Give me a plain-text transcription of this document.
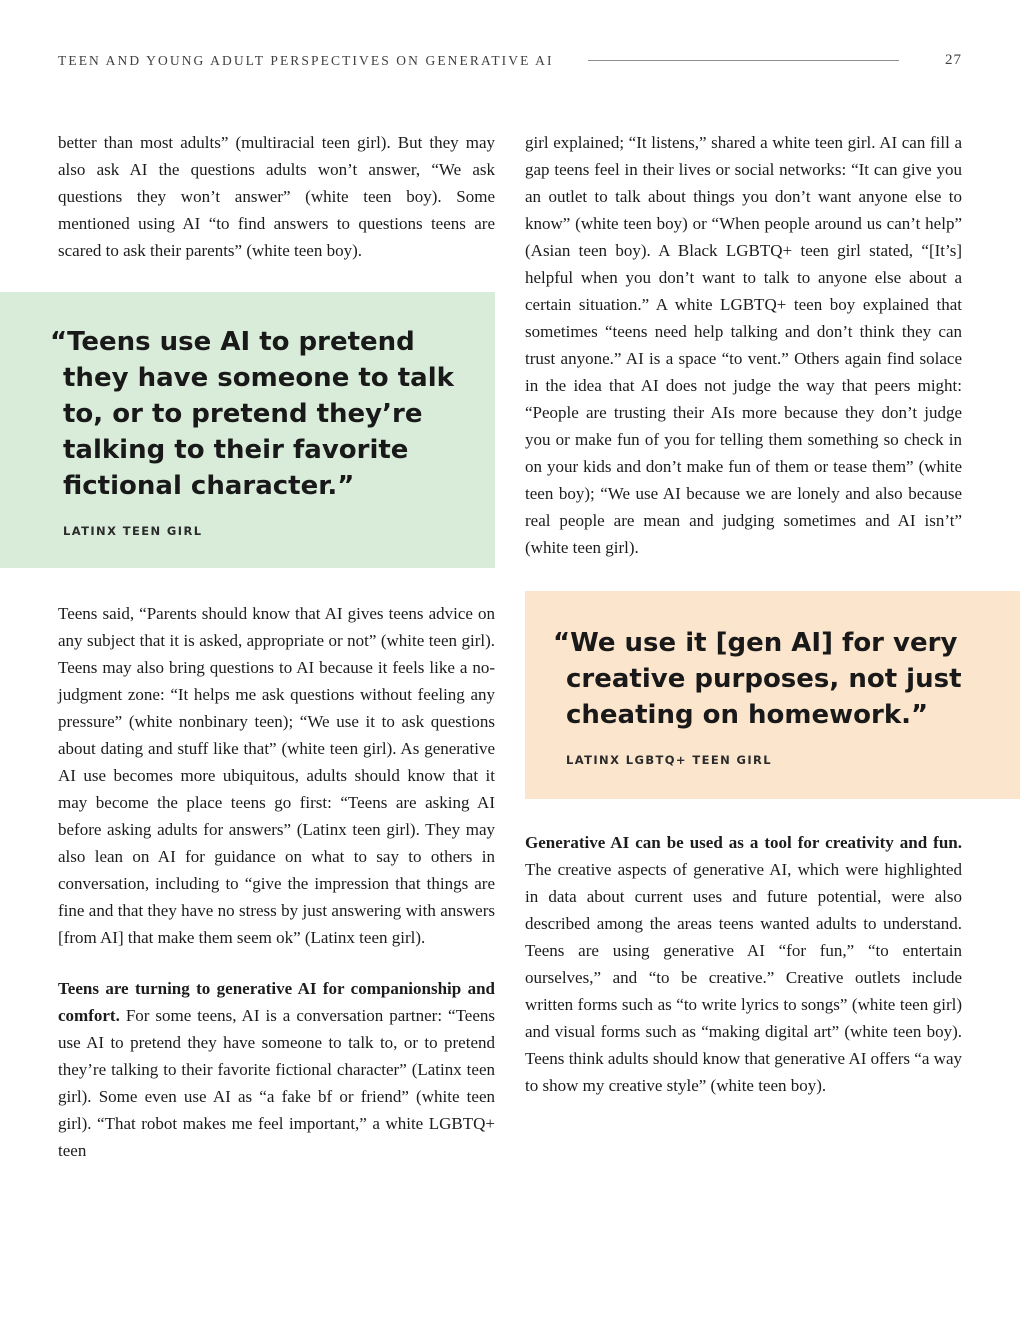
TEEN AND YOUNG ADULT PERSPECTIVES ON GENERATIVE AI	27

better than most adults” (multiracial teen girl). But they may also ask AI the questions adults won’t answer, “We ask questions they won’t answer” (white teen boy). Some mentioned using AI “to find answers to questions teens are scared to ask their parents” (white teen boy).

“Teens use AI to pretend they have someone to talk to, or to pretend they’re talking to their favorite fictional character.”

LATINX TEEN GIRL

Teens said, “Parents should know that AI gives teens advice on any subject that it is asked, appropriate or not” (white teen girl). Teens may also bring questions to AI because it feels like a no-judgment zone: “It helps me ask questions without feeling any pressure” (white nonbinary teen); “We use it to ask questions about dating and stuff like that” (white teen girl). As generative AI use becomes more ubiquitous, adults should know that it may become the place teens go first: “Teens are asking AI before asking adults for answers” (Latinx teen girl). They may also lean on AI for guidance on what to say to others in conversation, including to “give the impression that things are fine and that they have no stress by just answering with answers [from AI] that make them seem ok” (Latinx teen girl).

Teens are turning to generative AI for companionship and comfort. For some teens, AI is a conversation partner: “Teens use AI to pretend they have someone to talk to, or to pretend they’re talking to their favorite fictional character” (Latinx teen girl). Some even use AI as “a fake bf or friend” (white teen girl). “That robot makes me feel important,” a white LGBTQ+ teen

girl explained; “It listens,” shared a white teen girl. AI can fill a gap teens feel in their lives or social networks: “It can give you an outlet to talk about things you don’t want anyone else to know” (white teen boy) or “When people around us can’t help” (Asian teen boy). A Black LGBTQ+ teen girl stated, “[It’s] helpful when you don’t want to talk to anyone else about a certain situation.” A white LGBTQ+ teen boy explained that sometimes “teens need help talking and don’t think they can trust anyone.” AI is a space “to vent.” Others again find solace in the idea that AI does not judge the way that peers might: “People are trusting their AIs more because they don’t judge you or make fun of you for telling them something so check in on your kids and don’t make fun of them or tease them” (white teen boy); “We use AI because we are lonely and also because real people are mean and judging sometimes and AI isn’t” (white teen girl).

“We use it [gen AI] for very creative purposes, not just cheating on homework.”

LATINX LGBTQ+ TEEN GIRL

Generative AI can be used as a tool for creativity and fun. The creative aspects of generative AI, which were highlighted in data about current uses and future potential, were also described among the areas teens wanted adults to understand. Teens are using generative AI “for fun,” “to entertain ourselves,” and “to be creative.” Creative outlets include written forms such as “to write lyrics to songs” (white teen girl) and visual forms such as “making digital art” (white teen boy). Teens think adults should know that generative AI offers “a way to show my creative style” (white teen boy).
